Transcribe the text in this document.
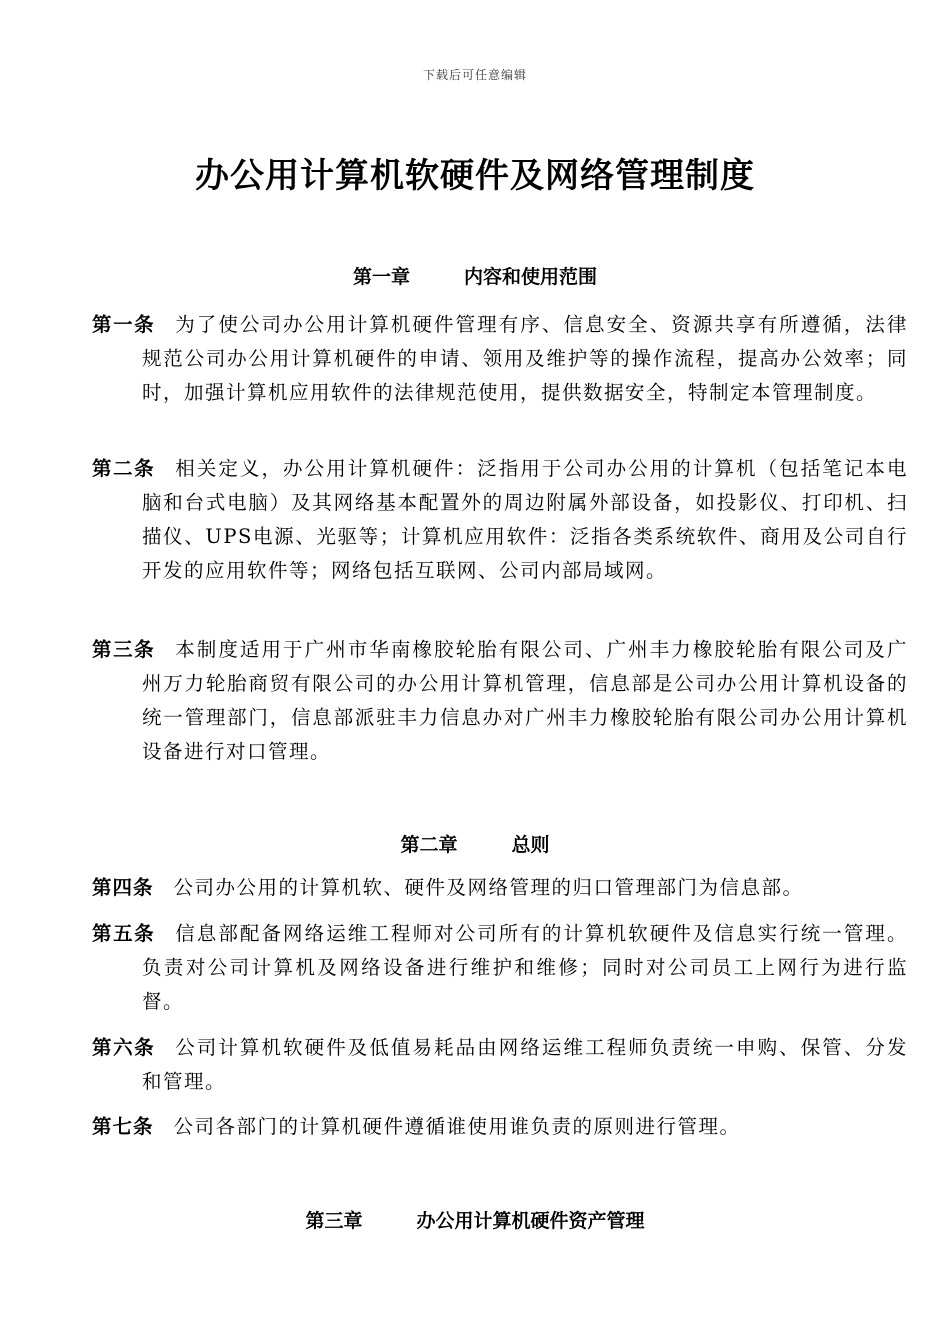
下载后可任意编辑
办公用计算机软硬件及网络管理制度
第一章	内容和使用范围
第一条 为了使公司办公用计算机硬件管理有序、信息安全、资源共享有所遵循，法律规范公司办公用计算机硬件的申请、领用及维护等的操作流程，提高办公效率；同时，加强计算机应用软件的法律规范使用，提供数据安全，特制定本管理制度。
第二条 相关定义，办公用计算机硬件：泛指用于公司办公用的计算机（包括笔记本电脑和台式电脑）及其网络基本配置外的周边附属外部设备，如投影仪、打印机、扫描仪、UPS电源、光驱等；计算机应用软件：泛指各类系统软件、商用及公司自行开发的应用软件等；网络包括互联网、公司内部局域网。
第三条 本制度适用于广州市华南橡胶轮胎有限公司、广州丰力橡胶轮胎有限公司及广州万力轮胎商贸有限公司的办公用计算机管理，信息部是公司办公用计算机设备的统一管理部门，信息部派驻丰力信息办对广州丰力橡胶轮胎有限公司办公用计算机设备进行对口管理。
第二章	总则
第四条 公司办公用的计算机软、硬件及网络管理的归口管理部门为信息部。
第五条 信息部配备网络运维工程师对公司所有的计算机软硬件及信息实行统一管理。负责对公司计算机及网络设备进行维护和维修；同时对公司员工上网行为进行监督。
第六条 公司计算机软硬件及低值易耗品由网络运维工程师负责统一申购、保管、分发和管理。
第七条 公司各部门的计算机硬件遵循谁使用谁负责的原则进行管理。
第三章	办公用计算机硬件资产管理
